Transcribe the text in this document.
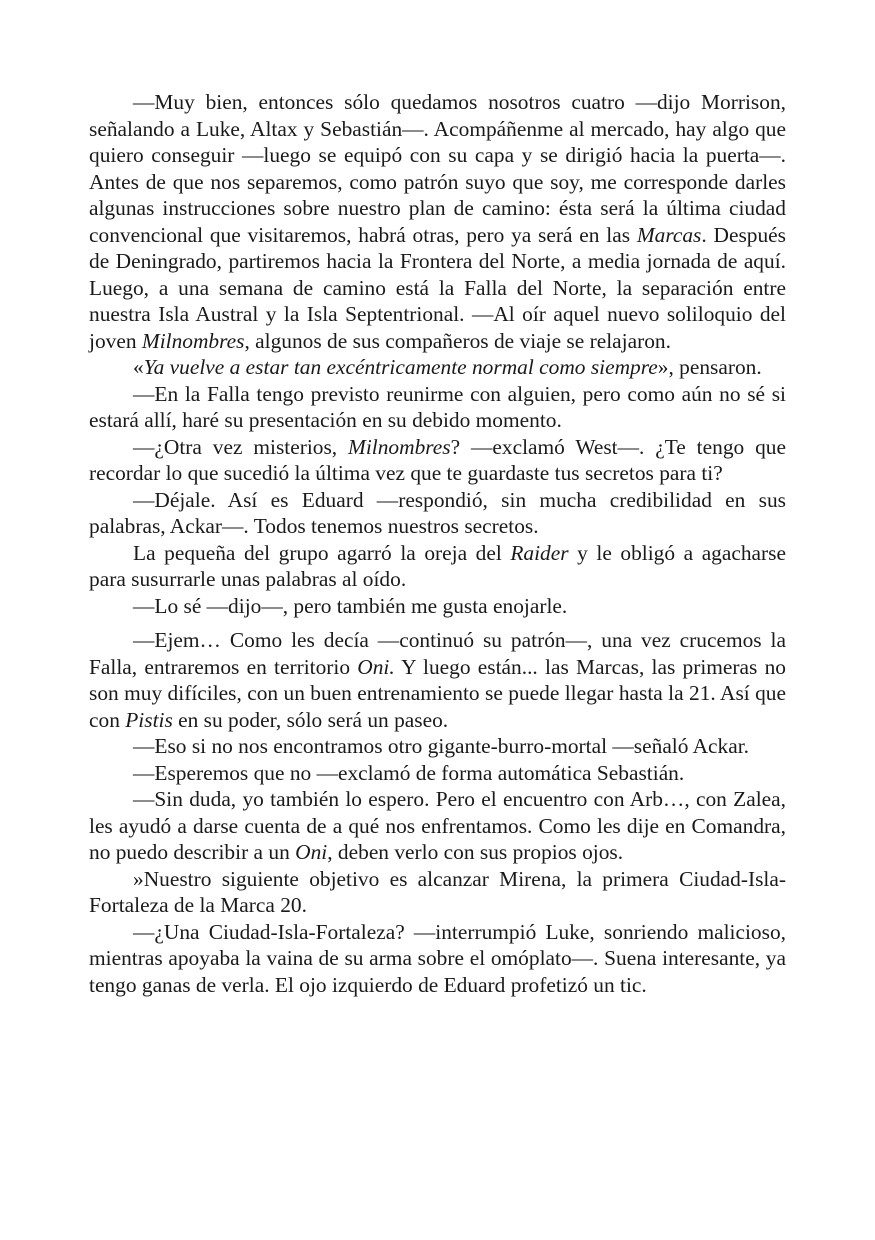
—Muy bien, entonces sólo quedamos nosotros cuatro —dijo Morrison, señalando a Luke, Altax y Sebastián—. Acompáñenme al mercado, hay algo que quiero conseguir —luego se equipó con su capa y se dirigió hacia la puerta—. Antes de que nos separemos, como patrón suyo que soy, me corresponde darles algunas instrucciones sobre nuestro plan de camino: ésta será la última ciudad convencional que visitaremos, habrá otras, pero ya será en las Marcas. Después de Deningrado, partiremos hacia la Frontera del Norte, a media jornada de aquí. Luego, a una semana de camino está la Falla del Norte, la separación entre nuestra Isla Austral y la Isla Septentrional. —Al oír aquel nuevo soliloquio del joven Milnombres, algunos de sus compañeros de viaje se relajaron.

«Ya vuelve a estar tan excéntricamente normal como siempre», pensaron.

—En la Falla tengo previsto reunirme con alguien, pero como aún no sé si estará allí, haré su presentación en su debido momento.

—¿Otra vez misterios, Milnombres? —exclamó West—. ¿Te tengo que recordar lo que sucedió la última vez que te guardaste tus secretos para ti?

—Déjale. Así es Eduard —respondió, sin mucha credibilidad en sus palabras, Ackar—. Todos tenemos nuestros secretos.

La pequeña del grupo agarró la oreja del Raider y le obligó a agacharse para susurrarle unas palabras al oído.

—Lo sé —dijo—, pero también me gusta enojarle.

—Ejem… Como les decía —continuó su patrón—, una vez crucemos la Falla, entraremos en territorio Oni. Y luego están... las Marcas, las primeras no son muy difíciles, con un buen entrenamiento se puede llegar hasta la 21. Así que con Pistis en su poder, sólo será un paseo.

—Eso si no nos encontramos otro gigante-burro-mortal —señaló Ackar.

—Esperemos que no —exclamó de forma automática Sebastián.

—Sin duda, yo también lo espero. Pero el encuentro con Arb…, con Zalea, les ayudó a darse cuenta de a qué nos enfrentamos. Como les dije en Comandra, no puedo describir a un Oni, deben verlo con sus propios ojos.

»Nuestro siguiente objetivo es alcanzar Mirena, la primera Ciudad-Isla-Fortaleza de la Marca 20.

—¿Una Ciudad-Isla-Fortaleza? —interrumpió Luke, sonriendo malicioso, mientras apoyaba la vaina de su arma sobre el omóplato—. Suena interesante, ya tengo ganas de verla. El ojo izquierdo de Eduard profetizó un tic.
